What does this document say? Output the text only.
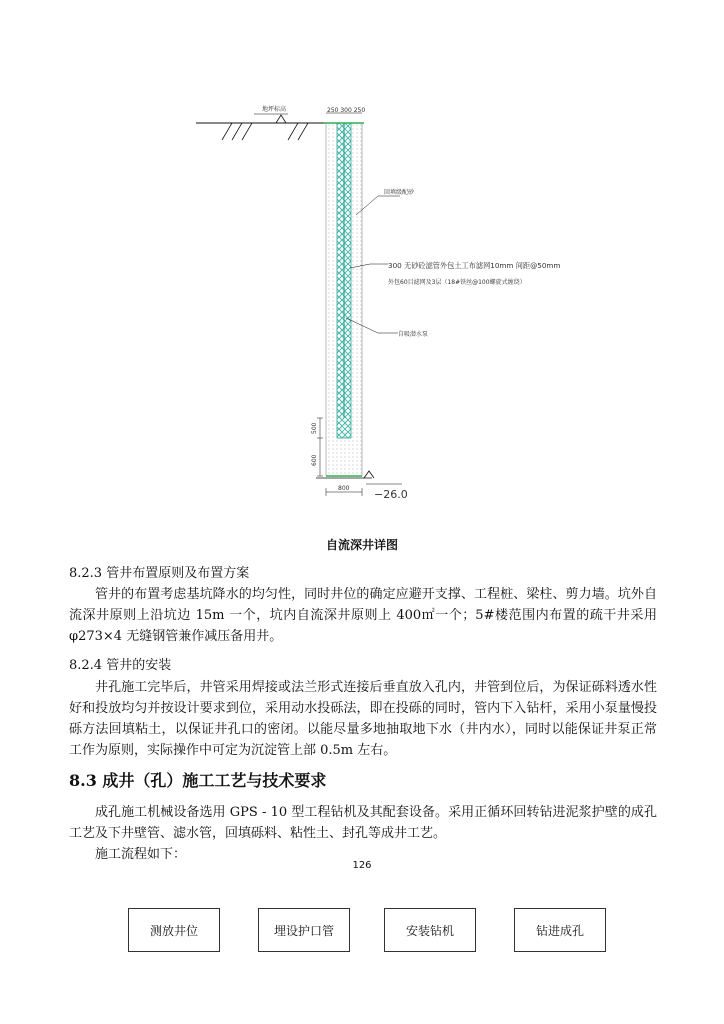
250 300 250
地坪标高
回填级配砂
300 无砂砼滤管外包土工布滤网10mm 间距@50mm
外包60目滤网及3层（18#铁丝@100螺旋式缠绕）
自吸潜水泵
500
600
800 −26.0
自流深井详图
8.2.3 管井布置原则及布置方案

管井的布置考虑基坑降水的均匀性，同时井位的确定应避开支撑、工程桩、梁柱、剪力墙。坑外自流深井原则上沿坑边 15m 一个，坑内自流深井原则上 400㎡一个；5#楼范围内布置的疏干井采用 φ273×4 无缝钢管兼作减压备用井。

8.2.4 管井的安装

井孔施工完毕后，井管采用焊接或法兰形式连接后垂直放入孔内，井管到位后，为保证砾料透水性好和投放均匀并按设计要求到位，采用动水投砾法，即在投砾的同时，管内下入钻杆，采用小泵量慢投砾方法回填粘土，以保证井孔口的密闭。以能尽量多地抽取地下水（井内水），同时以能保证井泵正常工作为原则，实际操作中可定为沉淀管上部 0.5m 左右。

8.3 成井（孔）施工工艺与技术要求

成孔施工机械设备选用 GPS - 10 型工程钻机及其配套设备。采用正循环回转钻进泥浆护壁的成孔工艺及下井壁管、滤水管，回填砾料、粘性土、封孔等成井工艺。

施工流程如下：

126
测放井位	埋设护口管	安装钻机	钻进成孔
